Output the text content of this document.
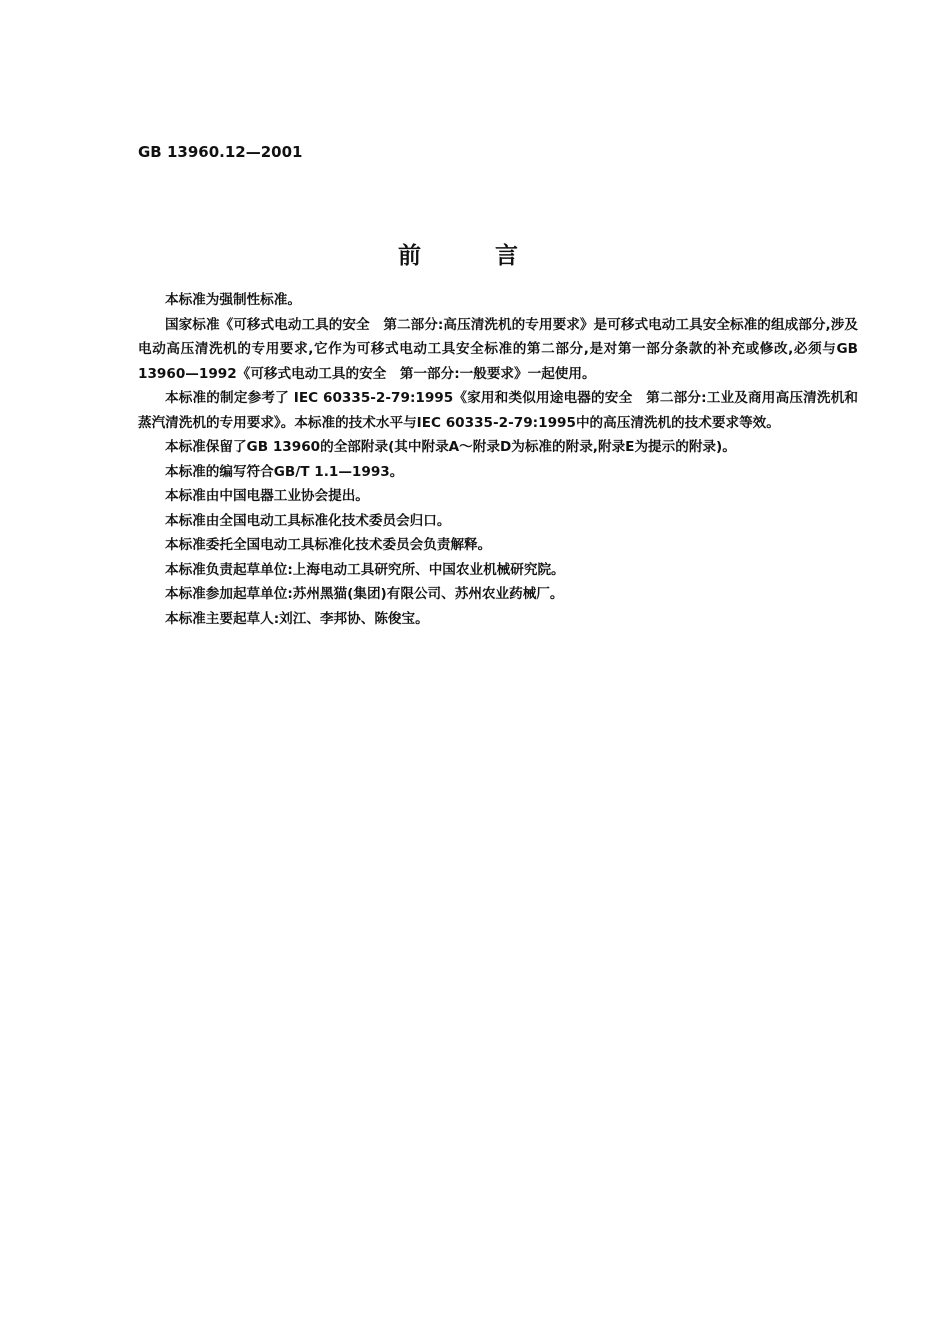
GB 13960.12—2001
前言

本标准为强制性标准。

国家标准《可移式电动工具的安全　第二部分:高压清洗机的专用要求》是可移式电动工具安全标准的组成部分,涉及电动高压清洗机的专用要求,它作为可移式电动工具安全标准的第二部分,是对第一部分条款的补充或修改,必须与GB 13960—1992《可移式电动工具的安全　第一部分:一般要求》一起使用。

本标准的制定参考了 IEC 60335-2-79:1995《家用和类似用途电器的安全　第二部分:工业及商用高压清洗机和蒸汽清洗机的专用要求》。本标准的技术水平与IEC 60335-2-79:1995中的高压清洗机的技术要求等效。

本标准保留了GB 13960的全部附录(其中附录A～附录D为标准的附录,附录E为提示的附录)。

本标准的编写符合GB/T 1.1—1993。

本标准由中国电器工业协会提出。

本标准由全国电动工具标准化技术委员会归口。

本标准委托全国电动工具标准化技术委员会负责解释。

本标准负责起草单位:上海电动工具研究所、中国农业机械研究院。

本标准参加起草单位:苏州黑猫(集团)有限公司、苏州农业药械厂。

本标准主要起草人:刘江、李邦协、陈俊宝。
